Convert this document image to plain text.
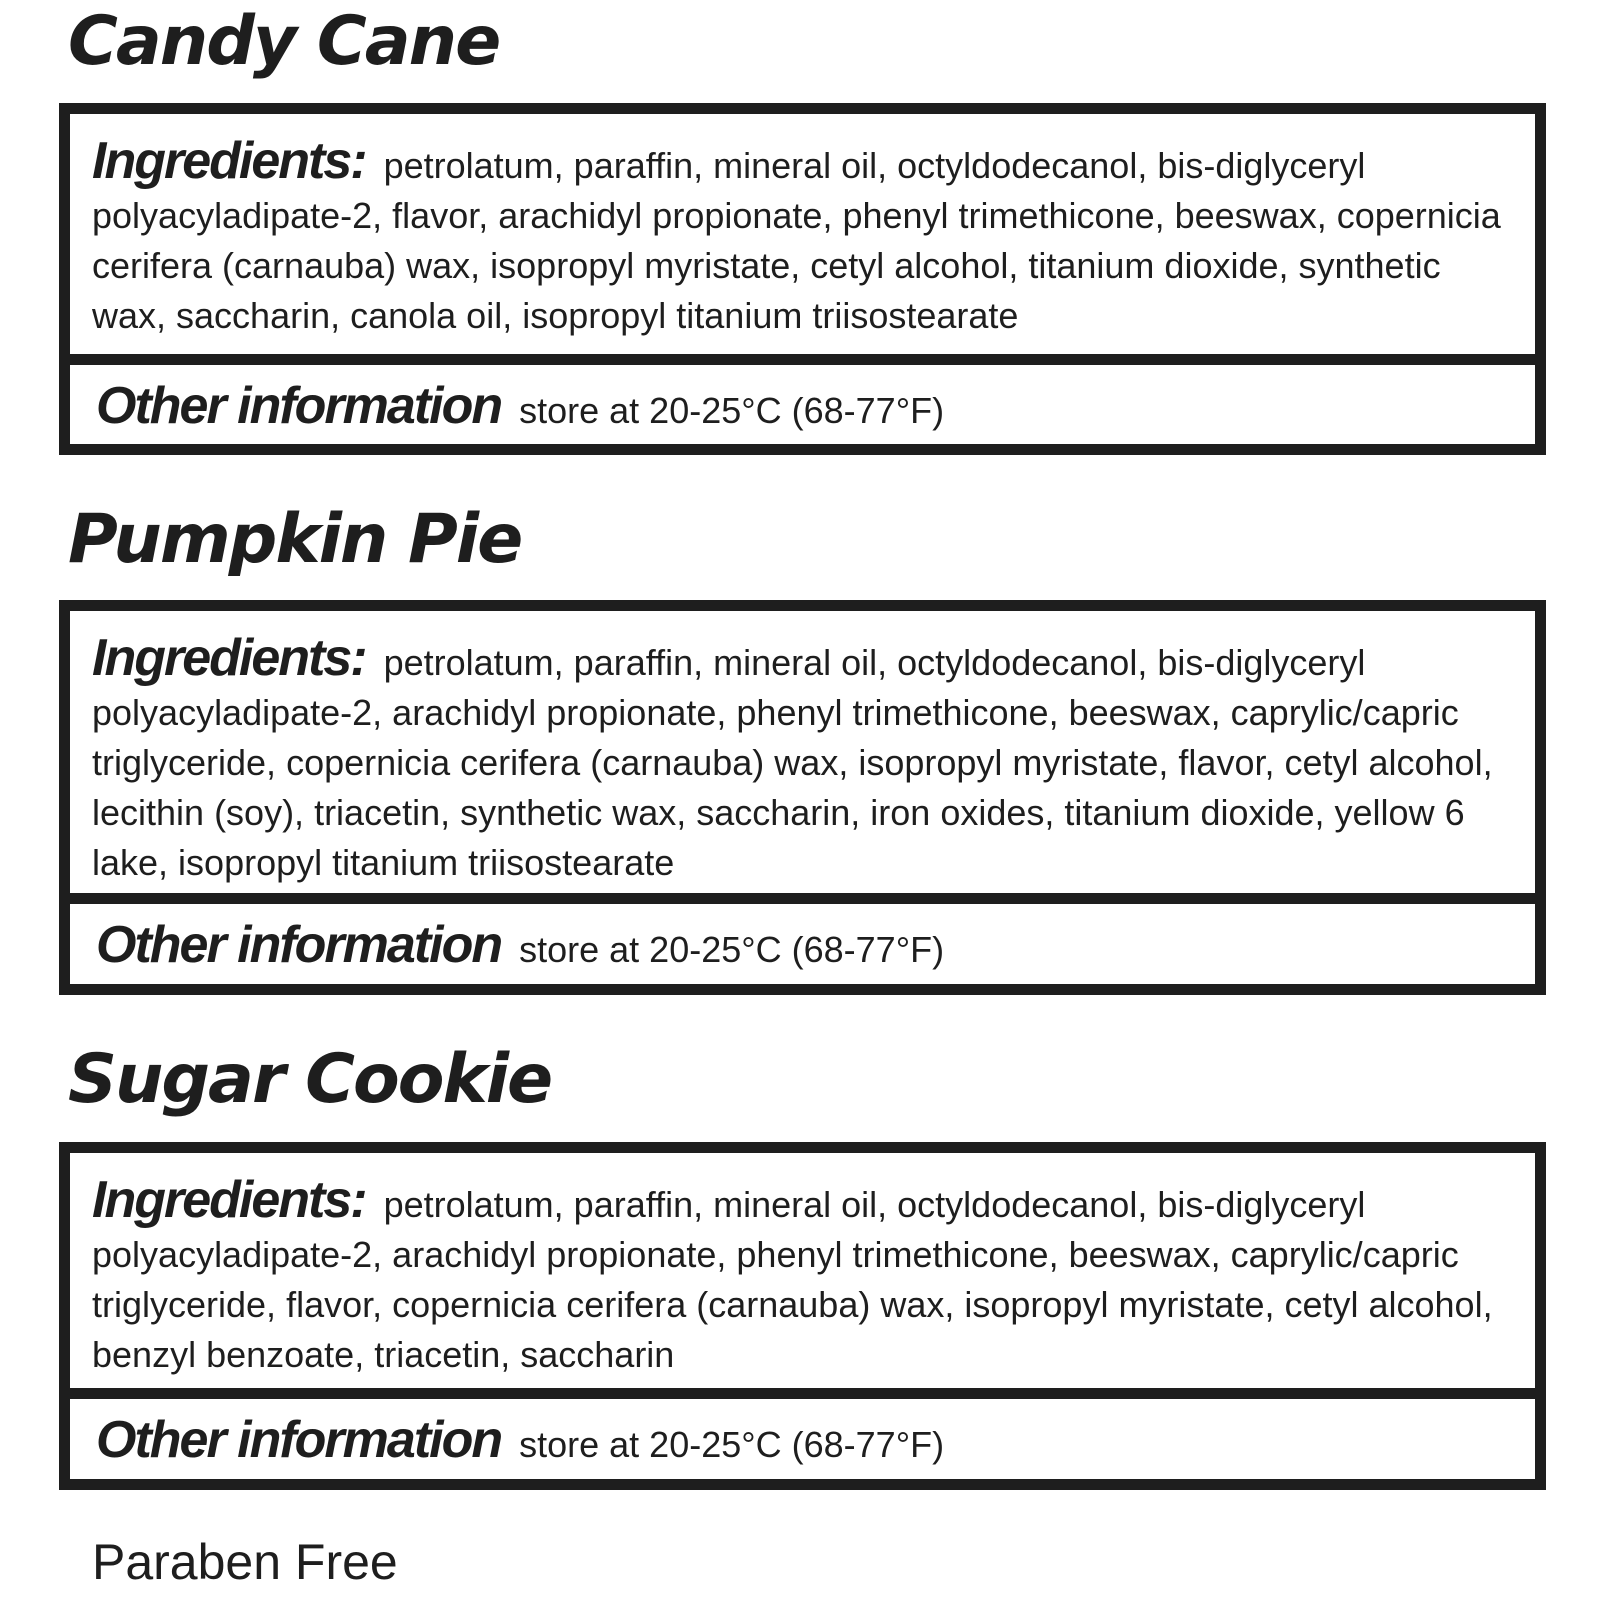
Candy Cane
Ingredients: petrolatum, paraffin, mineral oil, octyldodecanol, bis-diglyceryl polyacyladipate-2, flavor, arachidyl propionate, phenyl trimethicone, beeswax, copernicia cerifera (carnauba) wax, isopropyl myristate, cetyl alcohol, titanium dioxide, synthetic wax, saccharin, canola oil, isopropyl titanium triisostearate
Other information store at 20-25°C (68-77°F)
Pumpkin Pie
Ingredients: petrolatum, paraffin, mineral oil, octyldodecanol, bis-diglyceryl polyacyladipate-2, arachidyl propionate, phenyl trimethicone, beeswax, caprylic/capric triglyceride, copernicia cerifera (carnauba) wax, isopropyl myristate, flavor, cetyl alcohol, lecithin (soy), triacetin, synthetic wax, saccharin, iron oxides, titanium dioxide, yellow 6 lake, isopropyl titanium triisostearate
Other information store at 20-25°C (68-77°F)
Sugar Cookie
Ingredients: petrolatum, paraffin, mineral oil, octyldodecanol, bis-diglyceryl polyacyladipate-2, arachidyl propionate, phenyl trimethicone, beeswax, caprylic/capric triglyceride, flavor, copernicia cerifera (carnauba) wax, isopropyl myristate, cetyl alcohol, benzyl benzoate, triacetin, saccharin
Other information store at 20-25°C (68-77°F)

Paraben Free
